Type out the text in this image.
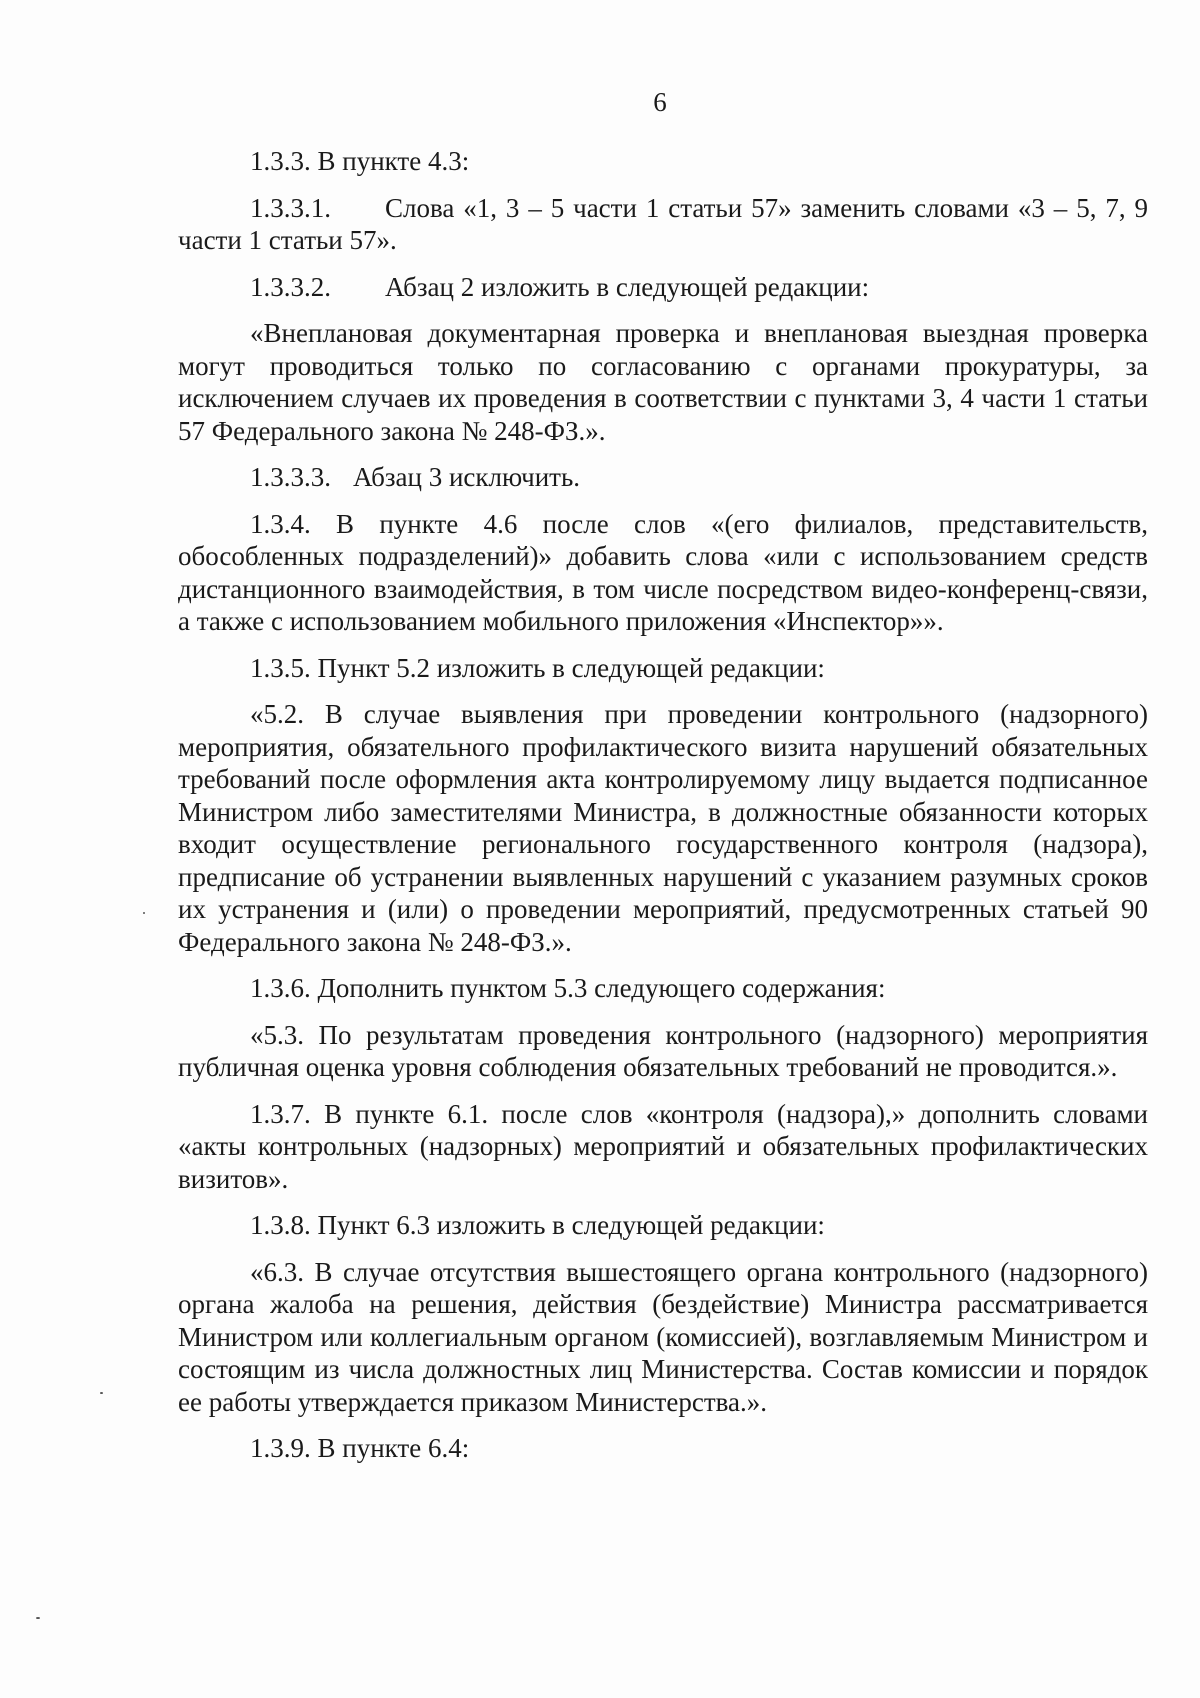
6

1.3.3. В пункте 4.3:

1.3.3.1. Слова «1, 3 – 5 части 1 статьи 57» заменить словами «3 – 5, 7, 9 части 1 статьи 57».

1.3.3.2. Абзац 2 изложить в следующей редакции:

«Внеплановая документарная проверка и внеплановая выездная проверка могут проводиться только по согласованию с органами прокуратуры, за исключением случаев их проведения в соответствии с пунктами 3, 4 части 1 статьи 57 Федерального закона № 248-ФЗ.».

1.3.3.3. Абзац 3 исключить.

1.3.4. В пункте 4.6 после слов «(его филиалов, представительств, обособленных подразделений)» добавить слова «или с использованием средств дистанционного взаимодействия, в том числе посредством видео-конференц-связи, а также с использованием мобильного приложения «Инспектор»».

1.3.5. Пункт 5.2 изложить в следующей редакции:

«5.2. В случае выявления при проведении контрольного (надзорного) мероприятия, обязательного профилактического визита нарушений обязательных требований после оформления акта контролируемому лицу выдается подписанное Министром либо заместителями Министра, в должностные обязанности которых входит осуществление регионального государственного контроля (надзора), предписание об устранении выявленных нарушений с указанием разумных сроков их устранения и (или) о проведении мероприятий, предусмотренных статьей 90 Федерального закона № 248-ФЗ.».

1.3.6. Дополнить пунктом 5.3 следующего содержания:

«5.3. По результатам проведения контрольного (надзорного) мероприятия публичная оценка уровня соблюдения обязательных требований не проводится.».

1.3.7. В пункте 6.1. после слов «контроля (надзора),» дополнить словами «акты контрольных (надзорных) мероприятий и обязательных профилактических визитов».

1.3.8. Пункт 6.3 изложить в следующей редакции:

«6.3. В случае отсутствия вышестоящего органа контрольного (надзорного) органа жалоба на решения, действия (бездействие) Министра рассматривается Министром или коллегиальным органом (комиссией), возглавляемым Министром и состоящим из числа должностных лиц Министерства. Состав комиссии и порядок ее работы утверждается приказом Министерства.».

1.3.9. В пункте 6.4:
